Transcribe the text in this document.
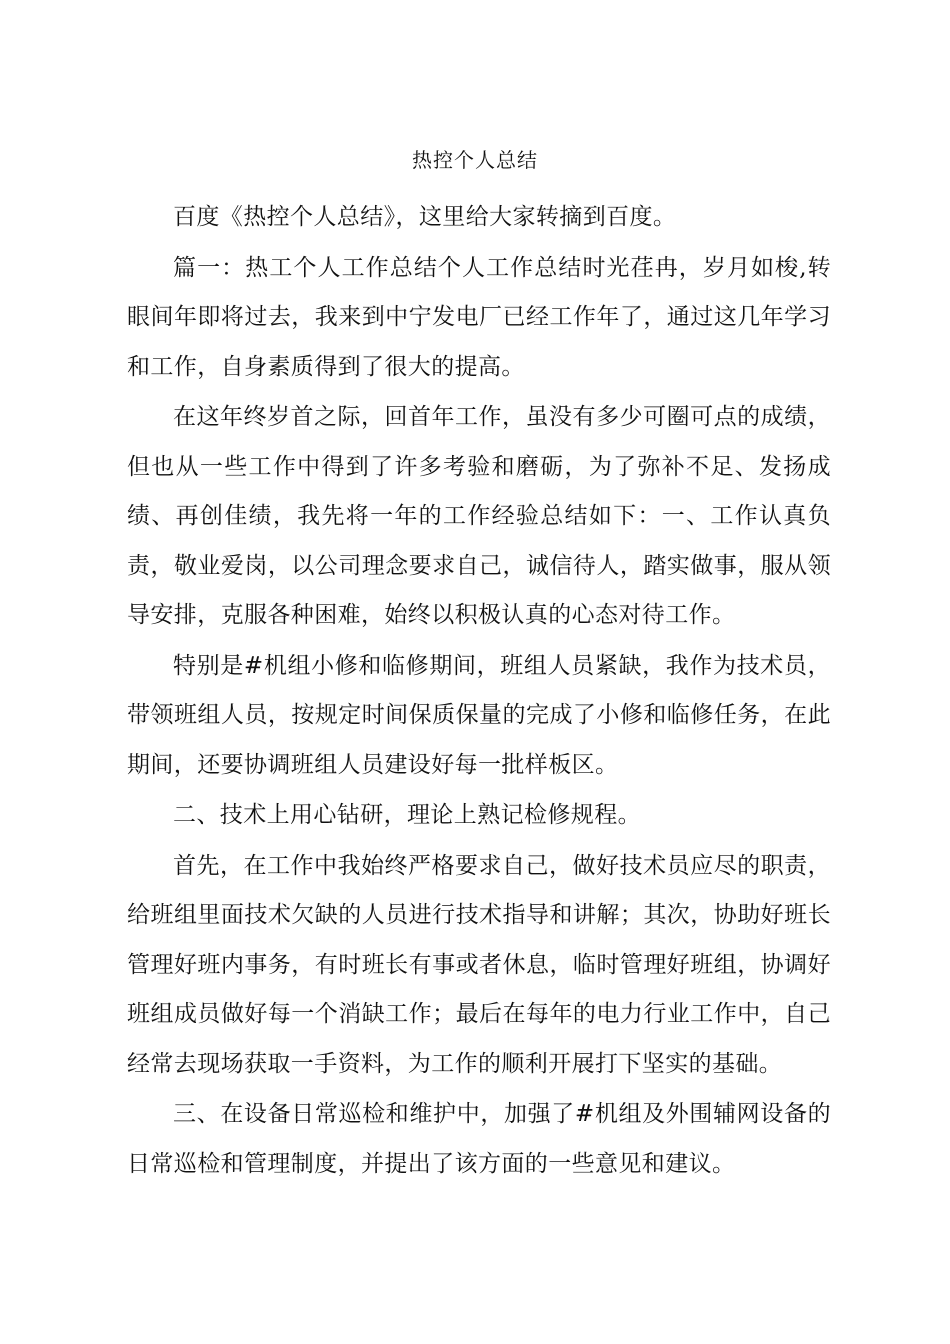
热控个人总结

百度《热控个人总结》，这里给大家转摘到百度。

篇一：热工个人工作总结个人工作总结时光荏冉，岁月如梭,转眼间年即将过去，我来到中宁发电厂已经工作年了，通过这几年学习和工作，自身素质得到了很大的提高。

在这年终岁首之际，回首年工作，虽没有多少可圈可点的成绩，但也从一些工作中得到了许多考验和磨砺，为了弥补不足、发扬成绩、再创佳绩，我先将一年的工作经验总结如下：一、工作认真负责，敬业爱岗，以公司理念要求自己，诚信待人，踏实做事，服从领导安排，克服各种困难，始终以积极认真的心态对待工作。

特别是#机组小修和临修期间，班组人员紧缺，我作为技术员，带领班组人员，按规定时间保质保量的完成了小修和临修任务，在此期间，还要协调班组人员建设好每一批样板区。

二、技术上用心钻研，理论上熟记检修规程。

首先，在工作中我始终严格要求自己，做好技术员应尽的职责，给班组里面技术欠缺的人员进行技术指导和讲解；其次，协助好班长管理好班内事务，有时班长有事或者休息，临时管理好班组，协调好班组成员做好每一个消缺工作；最后在每年的电力行业工作中，自己经常去现场获取一手资料，为工作的顺利开展打下坚实的基础。

三、在设备日常巡检和维护中，加强了#机组及外围辅网设备的日常巡检和管理制度，并提出了该方面的一些意见和建议。
